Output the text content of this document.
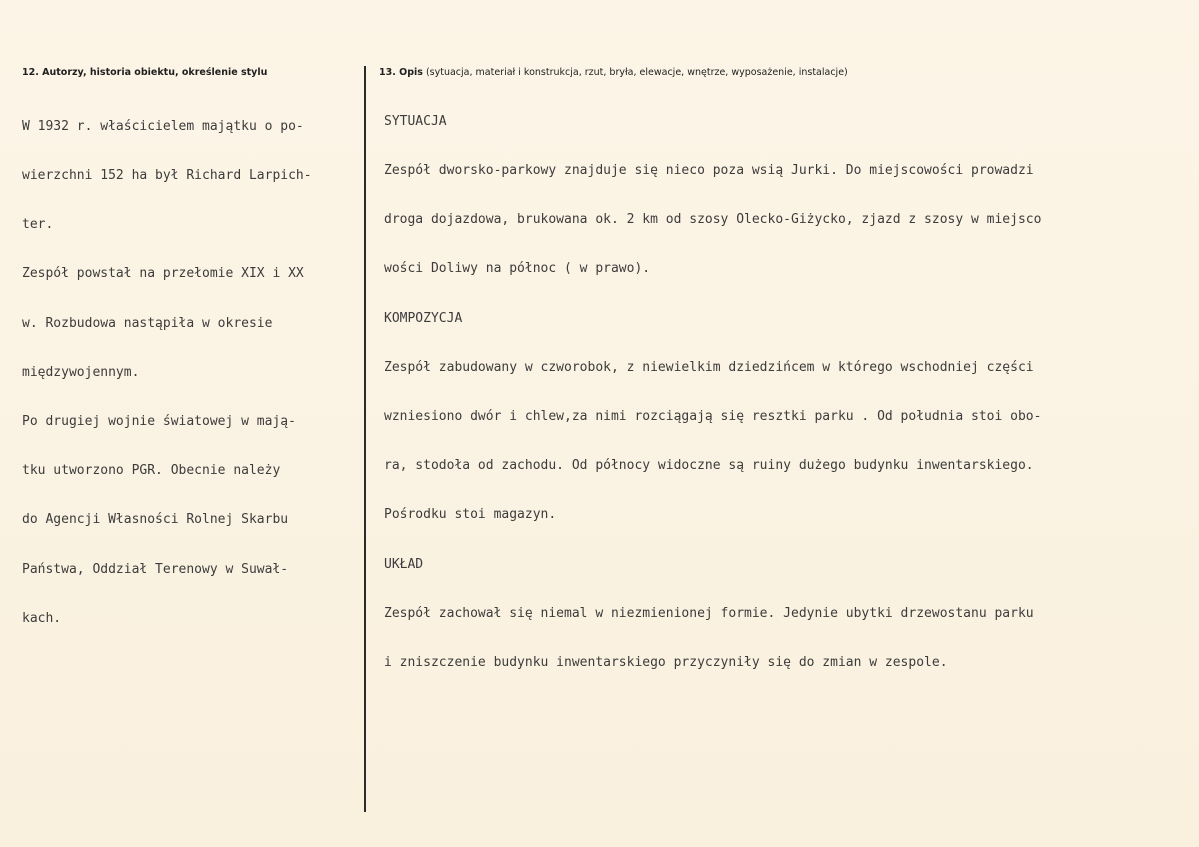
12. Autorzy, historia obiektu, określenie stylu	13. Opis (sytuacja, materiał i konstrukcja, rzut, bryła, elewacje, wnętrze, wyposażenie, instalacje)

W 1932 r. właścicielem majątku o po-

wierzchni 152 ha był Richard Larpich-

ter.

Zespół powstał na przełomie XIX i XX

w. Rozbudowa nastąpiła w okresie

międzywojennym.

Po drugiej wojnie światowej w mają-

tku utworzono PGR. Obecnie należy

do Agencji Własności Rolnej Skarbu

Państwa, Oddział Terenowy w Suwał-

kach.

SYTUACJA

Zespół dworsko-parkowy znajduje się nieco poza wsią Jurki. Do miejscowości prowadzi

droga dojazdowa, brukowana ok. 2 km od szosy Olecko-Giżycko, zjazd z szosy w miejsco

wości Doliwy na północ ( w prawo).

KOMPOZYCJA

Zespół zabudowany w czworobok, z niewielkim dziedzińcem w którego wschodniej części

wzniesiono dwór i chlew,za nimi rozciągają się resztki parku . Od południa stoi obo-

ra, stodoła od zachodu. Od północy widoczne są ruiny dużego budynku inwentarskiego.

Pośrodku stoi magazyn.

UKŁAD

Zespół zachował się niemal w niezmienionej formie. Jedynie ubytki drzewostanu parku

i zniszczenie budynku inwentarskiego przyczyniły się do zmian w zespole.
